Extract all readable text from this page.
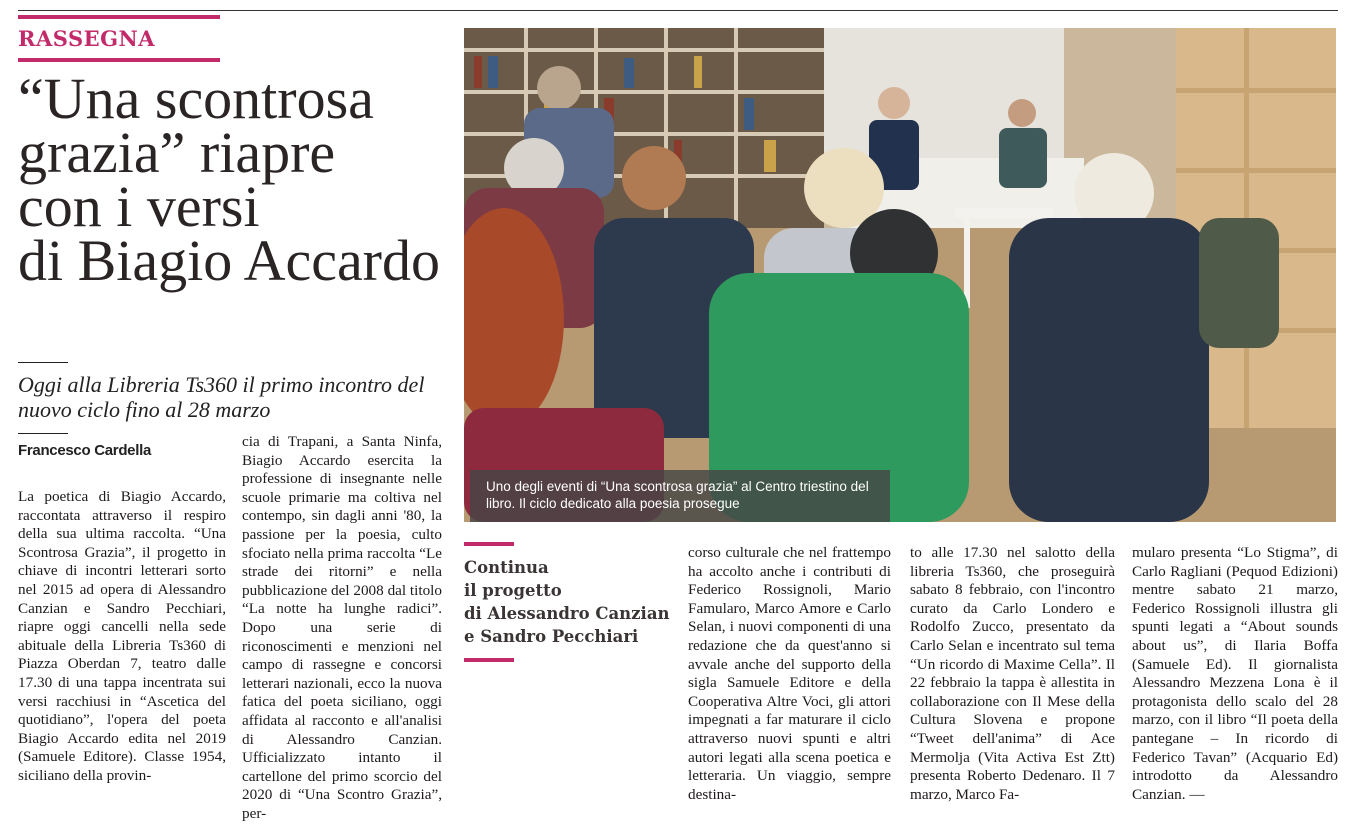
RASSEGNA
“Una scontrosa
grazia” riapre
con i versi
di Biagio Accardo
Oggi alla Libreria Ts360 il primo incontro del nuovo ciclo fino al 28 marzo
Francesco Cardella

La poetica di Biagio Accardo, raccontata attraverso il respiro della sua ultima raccolta. “Una Scontrosa Grazia”, il progetto in chiave di incontri letterari sorto nel 2015 ad opera di Alessandro Canzian e Sandro Pecchiari, riapre oggi cancelli nella sede abituale della Libreria Ts360 di Piazza Oberdan 7, teatro dalle 17.30 di una tappa incentrata sui versi racchiusi in “Ascetica del quotidiano”, l'opera del poeta Biagio Accardo edita nel 2019 (Samuele Editore). Classe 1954, siciliano della provin-

cia di Trapani, a Santa Ninfa, Biagio Accardo esercita la professione di insegnante nelle scuole primarie ma coltiva nel contempo, sin dagli anni '80, la passione per la poesia, culto sfociato nella prima raccolta “Le strade dei ritorni” e nella pubblicazione del 2008 dal titolo “La notte ha lunghe radici”. Dopo una serie di riconoscimenti e menzioni nel campo di rassegne e concorsi letterari nazionali, ecco la nuova fatica del poeta siciliano, oggi affidata al racconto e all'analisi di Alessandro Canzian. Ufficializzato intanto il cartellone del primo scorcio del 2020 di “Una Scontro Grazia”, per-

Uno degli eventi di “Una scontrosa grazia” al Centro triestino del libro. Il ciclo dedicato alla poesia prosegue
Continua
il progetto
di Alessandro Canzian
e Sandro Pecchiari

corso culturale che nel frattempo ha accolto anche i contributi di Federico Rossignoli, Mario Famularo, Marco Amore e Carlo Selan, i nuovi componenti di una redazione che da quest'anno si avvale anche del supporto della sigla Samuele Editore e della Cooperativa Altre Voci, gli attori impegnati a far maturare il ciclo attraverso nuovi spunti e altri autori legati alla scena poetica e letteraria. Un viaggio, sempre destina-

to alle 17.30 nel salotto della libreria Ts360, che proseguirà sabato 8 febbraio, con l'incontro curato da Carlo Londero e Rodolfo Zucco, presentato da Carlo Selan e incentrato sul tema “Un ricordo di Maxime Cella”. Il 22 febbraio la tappa è allestita in collaborazione con Il Mese della Cultura Slovena e propone “Tweet dell'anima” di Ace Mermolja (Vita Activa Est Ztt) presenta Roberto Dedenaro. Il 7 marzo, Marco Fa-

mularo presenta “Lo Stigma”, di Carlo Ragliani (Pequod Edizioni) mentre sabato 21 marzo, Federico Rossignoli illustra gli spunti legati a “About sounds about us”, di Ilaria Boffa (Samuele Ed). Il giornalista Alessandro Mezzena Lona è il protagonista dello scalo del 28 marzo, con il libro “Il poeta della pantegane – In ricordo di Federico Tavan” (Acquario Ed) introdotto da Alessandro Canzian. —
